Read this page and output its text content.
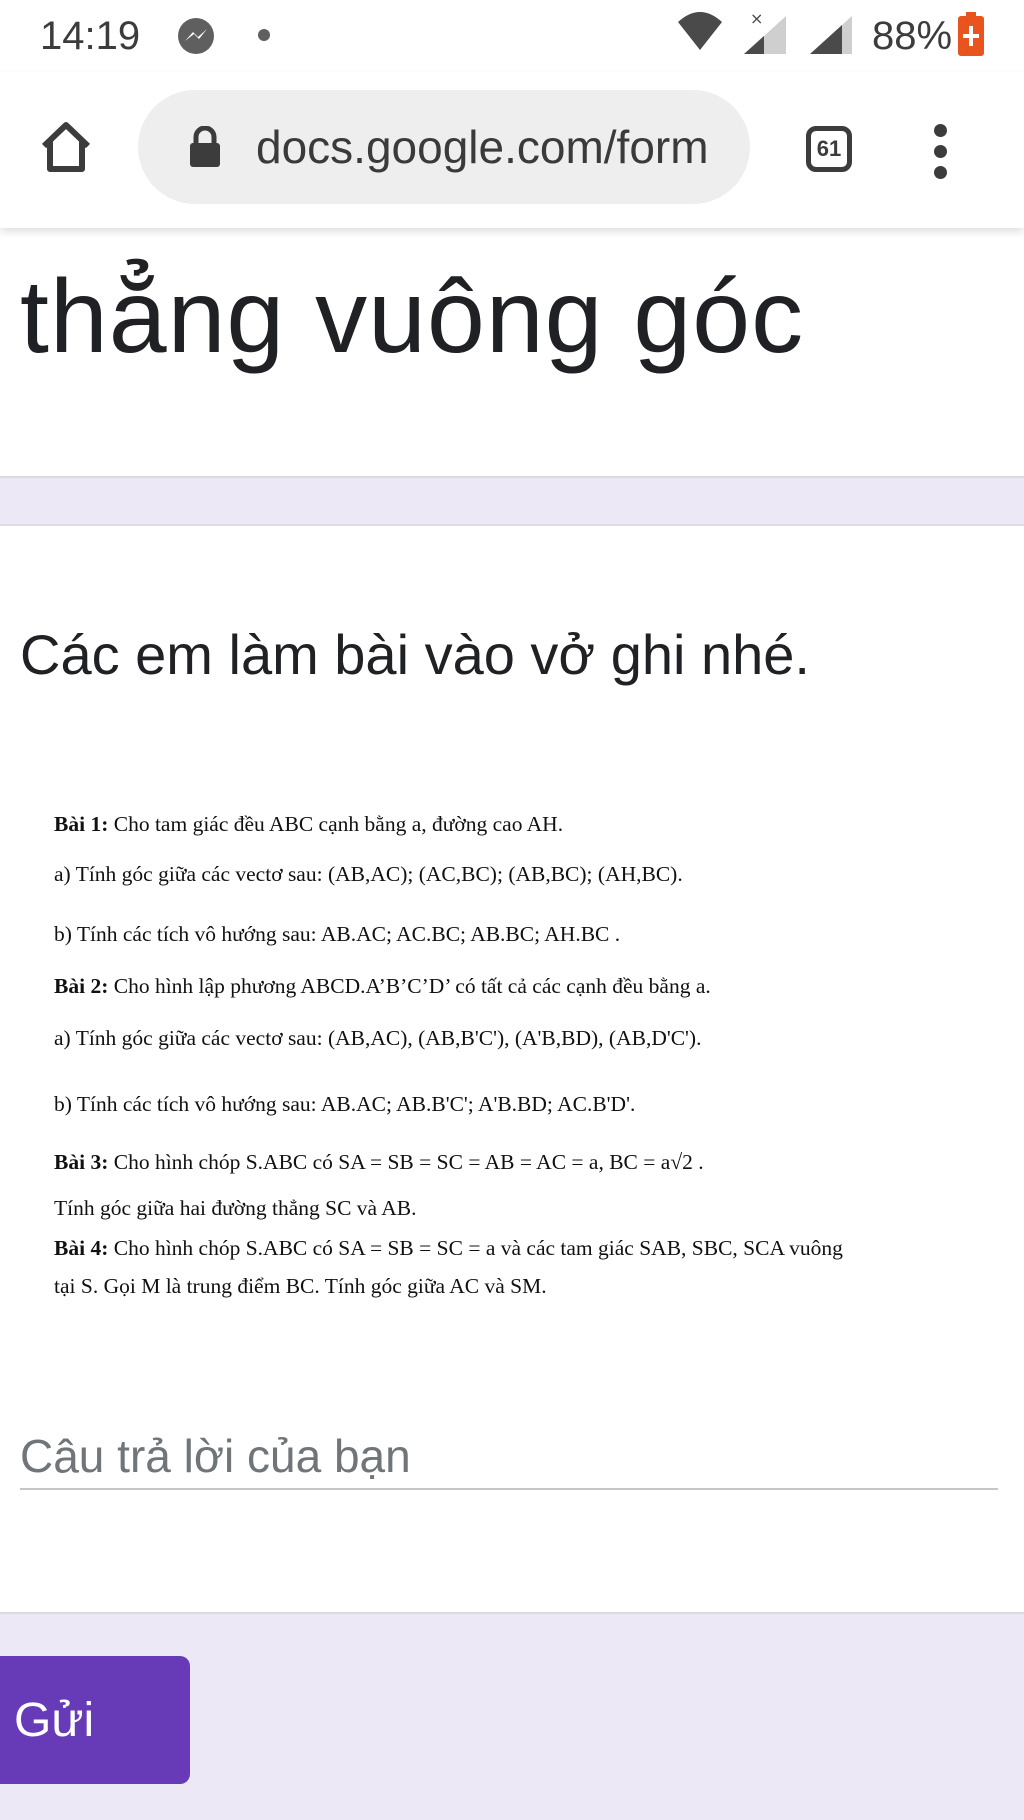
14:19	×	88%
docs.google.com/form	61
thẳng vuông góc
Các em làm bài vào vở ghi nhé.
Bài 1: Cho tam giác đều ABC cạnh bằng a, đường cao AH.
a) Tính góc giữa các vectơ sau: (AB,AC); (AC,BC); (AB,BC); (AH,BC).
b) Tính các tích vô hướng sau: AB.AC; AC.BC; AB.BC; AH.BC .
Bài 2: Cho hình lập phương ABCD.A’B’C’D’ có tất cả các cạnh đều bằng a.
a) Tính góc giữa các vectơ sau: (AB,AC), (AB,B'C'), (A'B,BD), (AB,D'C').
b) Tính các tích vô hướng sau: AB.AC; AB.B'C'; A'B.BD; AC.B'D'.
Bài 3: Cho hình chóp S.ABC có SA = SB = SC = AB = AC = a, BC = a√2 .
Tính góc giữa hai đường thẳng SC và AB.
Bài 4: Cho hình chóp S.ABC có SA = SB = SC = a và các tam giác SAB, SBC, SCA vuông
tại S. Gọi M là trung điểm BC. Tính góc giữa AC và SM.
Câu trả lời của bạn
Gửi
